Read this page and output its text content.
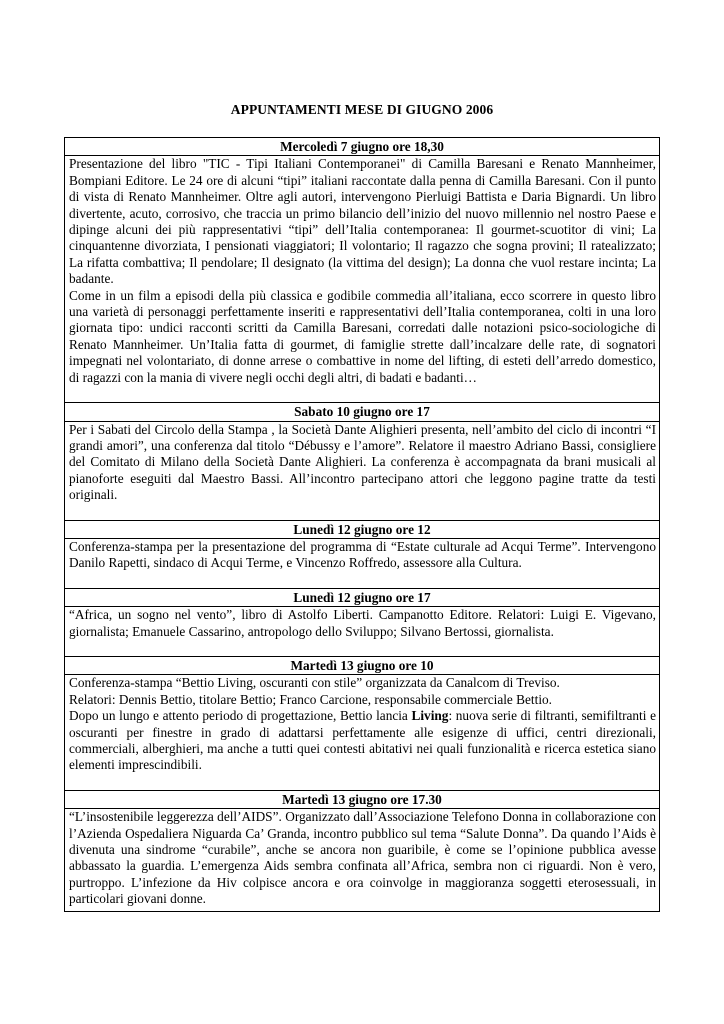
APPUNTAMENTI MESE DI GIUGNO 2006
Mercoledì 7 giugno ore 18,30

Presentazione del libro "TIC - Tipi Italiani Contemporanei" di Camilla Baresani e Renato Mannheimer, Bompiani Editore. Le 24 ore di alcuni “tipi” italiani raccontate dalla penna di Camilla Baresani. Con il punto di vista di Renato Mannheimer. Oltre agli autori, intervengono Pierluigi Battista e Daria Bignardi. Un libro divertente, acuto, corrosivo, che traccia un primo bilancio dell’inizio del nuovo millennio nel nostro Paese e dipinge alcuni dei più rappresentativi “tipi” dell’Italia contemporanea: Il gourmet-scuotitor di vini; La cinquantenne divorziata, I pensionati viaggiatori; Il volontario; Il ragazzo che sogna provini; Il ratealizzato; La rifatta combattiva; Il pendolare; Il designato (la vittima del design); La donna che vuol restare incinta; La badante.
Come in un film a episodi della più classica e godibile commedia all’italiana, ecco scorrere in questo libro una varietà di personaggi perfettamente inseriti e rappresentativi dell’Italia contemporanea, colti in una loro giornata tipo: undici racconti scritti da Camilla Baresani, corredati dalle notazioni psico-sociologiche di Renato Mannheimer. Un’Italia fatta di gourmet, di famiglie strette dall’incalzare delle rate, di sognatori impegnati nel volontariato, di donne arrese o combattive in nome del lifting, di esteti dell’arredo domestico, di ragazzi con la mania di vivere negli occhi degli altri, di badati e badanti…

Sabato 10 giugno ore 17

Per i Sabati del Circolo della Stampa , la Società Dante Alighieri presenta, nell’ambito del ciclo di incontri “I grandi amori”, una conferenza dal titolo “Débussy e l’amore”. Relatore il maestro Adriano Bassi, consigliere del Comitato di Milano della Società Dante Alighieri. La conferenza è accompagnata da brani musicali al pianoforte eseguiti dal Maestro Bassi. All’incontro partecipano attori che leggono pagine tratte da testi originali.

Lunedì 12 giugno ore 12

Conferenza-stampa per la presentazione del programma di “Estate culturale ad Acqui Terme”. Intervengono Danilo Rapetti, sindaco di Acqui Terme, e Vincenzo Roffredo, assessore alla Cultura.

Lunedì 12 giugno ore 17

“Africa, un sogno nel vento”, libro di Astolfo Liberti. Campanotto Editore. Relatori: Luigi E. Vigevano, giornalista; Emanuele Cassarino, antropologo dello Sviluppo; Silvano Bertossi, giornalista.

Martedì 13 giugno ore 10

Conferenza-stampa “Bettio Living, oscuranti con stile” organizzata da Canalcom di Treviso.
Relatori: Dennis Bettio, titolare Bettio; Franco Carcione, responsabile commerciale Bettio.
Dopo un lungo e attento periodo di progettazione, Bettio lancia Living: nuova serie di filtranti, semifiltranti e oscuranti per finestre in grado di adattarsi perfettamente alle esigenze di uffici, centri direzionali, commerciali, alberghieri, ma anche a tutti quei contesti abitativi nei quali funzionalità e ricerca estetica siano elementi imprescindibili.

Martedì 13 giugno ore 17.30

“L’insostenibile leggerezza dell’AIDS”. Organizzato dall’Associazione Telefono Donna in collaborazione con l’Azienda Ospedaliera Niguarda Ca’ Granda, incontro pubblico sul tema “Salute Donna”. Da quando l’Aids è divenuta una sindrome “curabile”, anche se ancora non guaribile, è come se l’opinione pubblica avesse abbassato la guardia. L’emergenza Aids sembra confinata all’Africa, sembra non ci riguardi. Non è vero, purtroppo. L’infezione da Hiv colpisce ancora e ora coinvolge in maggioranza soggetti eterosessuali, in particolari giovani donne.
